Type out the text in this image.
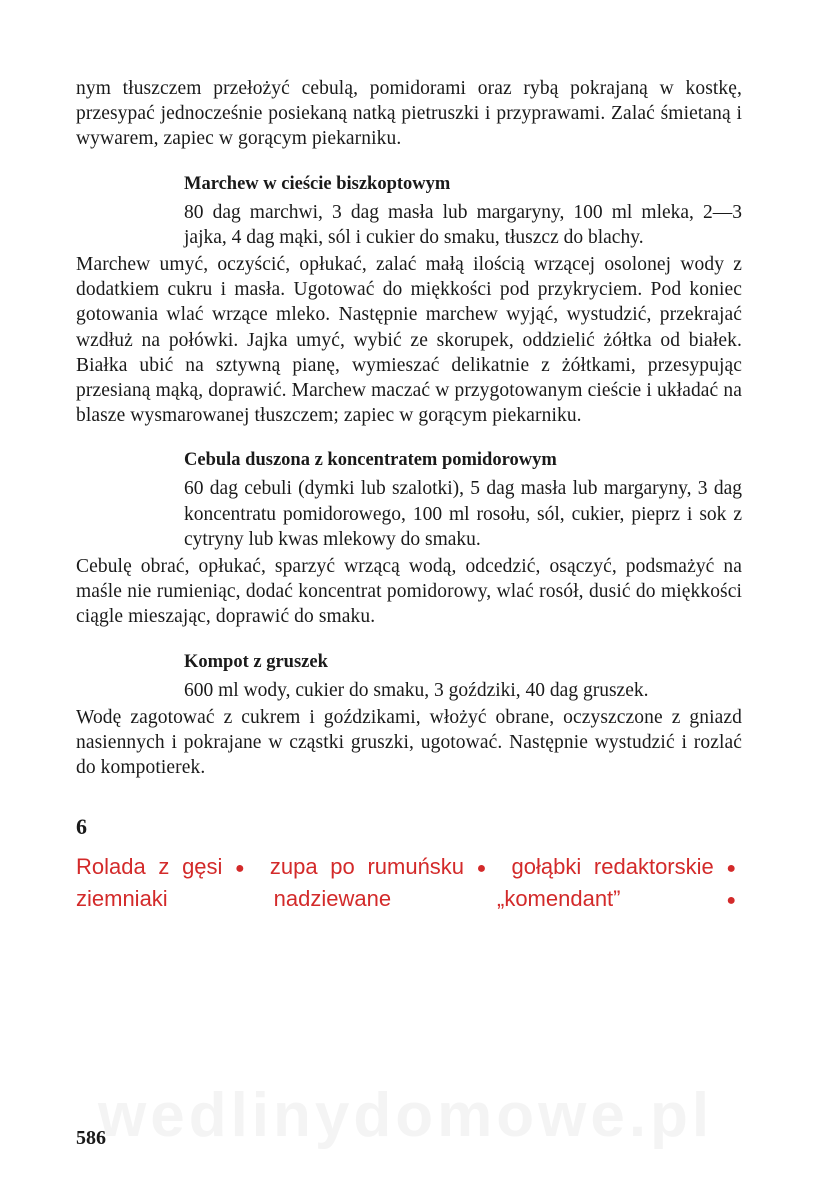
nym tłuszczem przełożyć cebulą, pomidorami oraz rybą pokrajaną w kostkę, przesypać jednocześnie posiekaną natką pietruszki i przyprawami. Zalać śmietaną i wywarem, zapiec w gorącym piekarniku.

Marchew w cieście biszkoptowym

80 dag marchwi, 3 dag masła lub margaryny, 100 ml mleka, 2—3 jajka, 4 dag mąki, sól i cukier do smaku, tłuszcz do blachy.

Marchew umyć, oczyścić, opłukać, zalać małą ilością wrzącej osolonej wody z dodatkiem cukru i masła. Ugotować do miękkości pod przykryciem. Pod koniec gotowania wlać wrzące mleko. Następnie marchew wyjąć, wystudzić, przekrajać wzdłuż na połówki. Jajka umyć, wybić ze skorupek, oddzielić żółtka od białek. Białka ubić na sztywną pianę, wymieszać delikatnie z żółtkami, przesypując przesianą mąką, doprawić. Marchew maczać w przygotowanym cieście i układać na blasze wysmarowanej tłuszczem; zapiec w gorącym piekarniku.

Cebula duszona z koncentratem pomidorowym

60 dag cebuli (dymki lub szalotki), 5 dag masła lub margaryny, 3 dag koncentratu pomidorowego, 100 ml rosołu, sól, cukier, pieprz i sok z cytryny lub kwas mlekowy do smaku.

Cebulę obrać, opłukać, sparzyć wrzącą wodą, odcedzić, osączyć, podsmażyć na maśle nie rumieniąc, dodać koncentrat pomidorowy, wlać rosół, dusić do miękkości ciągle mieszając, doprawić do smaku.

Kompot z gruszek

600 ml wody, cukier do smaku, 3 goździki, 40 dag gruszek.

Wodę zagotować z cukrem i goździkami, włożyć obrane, oczyszczone z gniazd nasiennych i pokrajane w cząstki gruszki, ugotować. Następnie wystudzić i rozlać do kompotierek.

6
Rolada z gęsi ● zupa po rumuńsku ● gołąbki redaktorskie ● ziemniaki nadziewane „komendant” ●
wedlinydomowe.pl
586
